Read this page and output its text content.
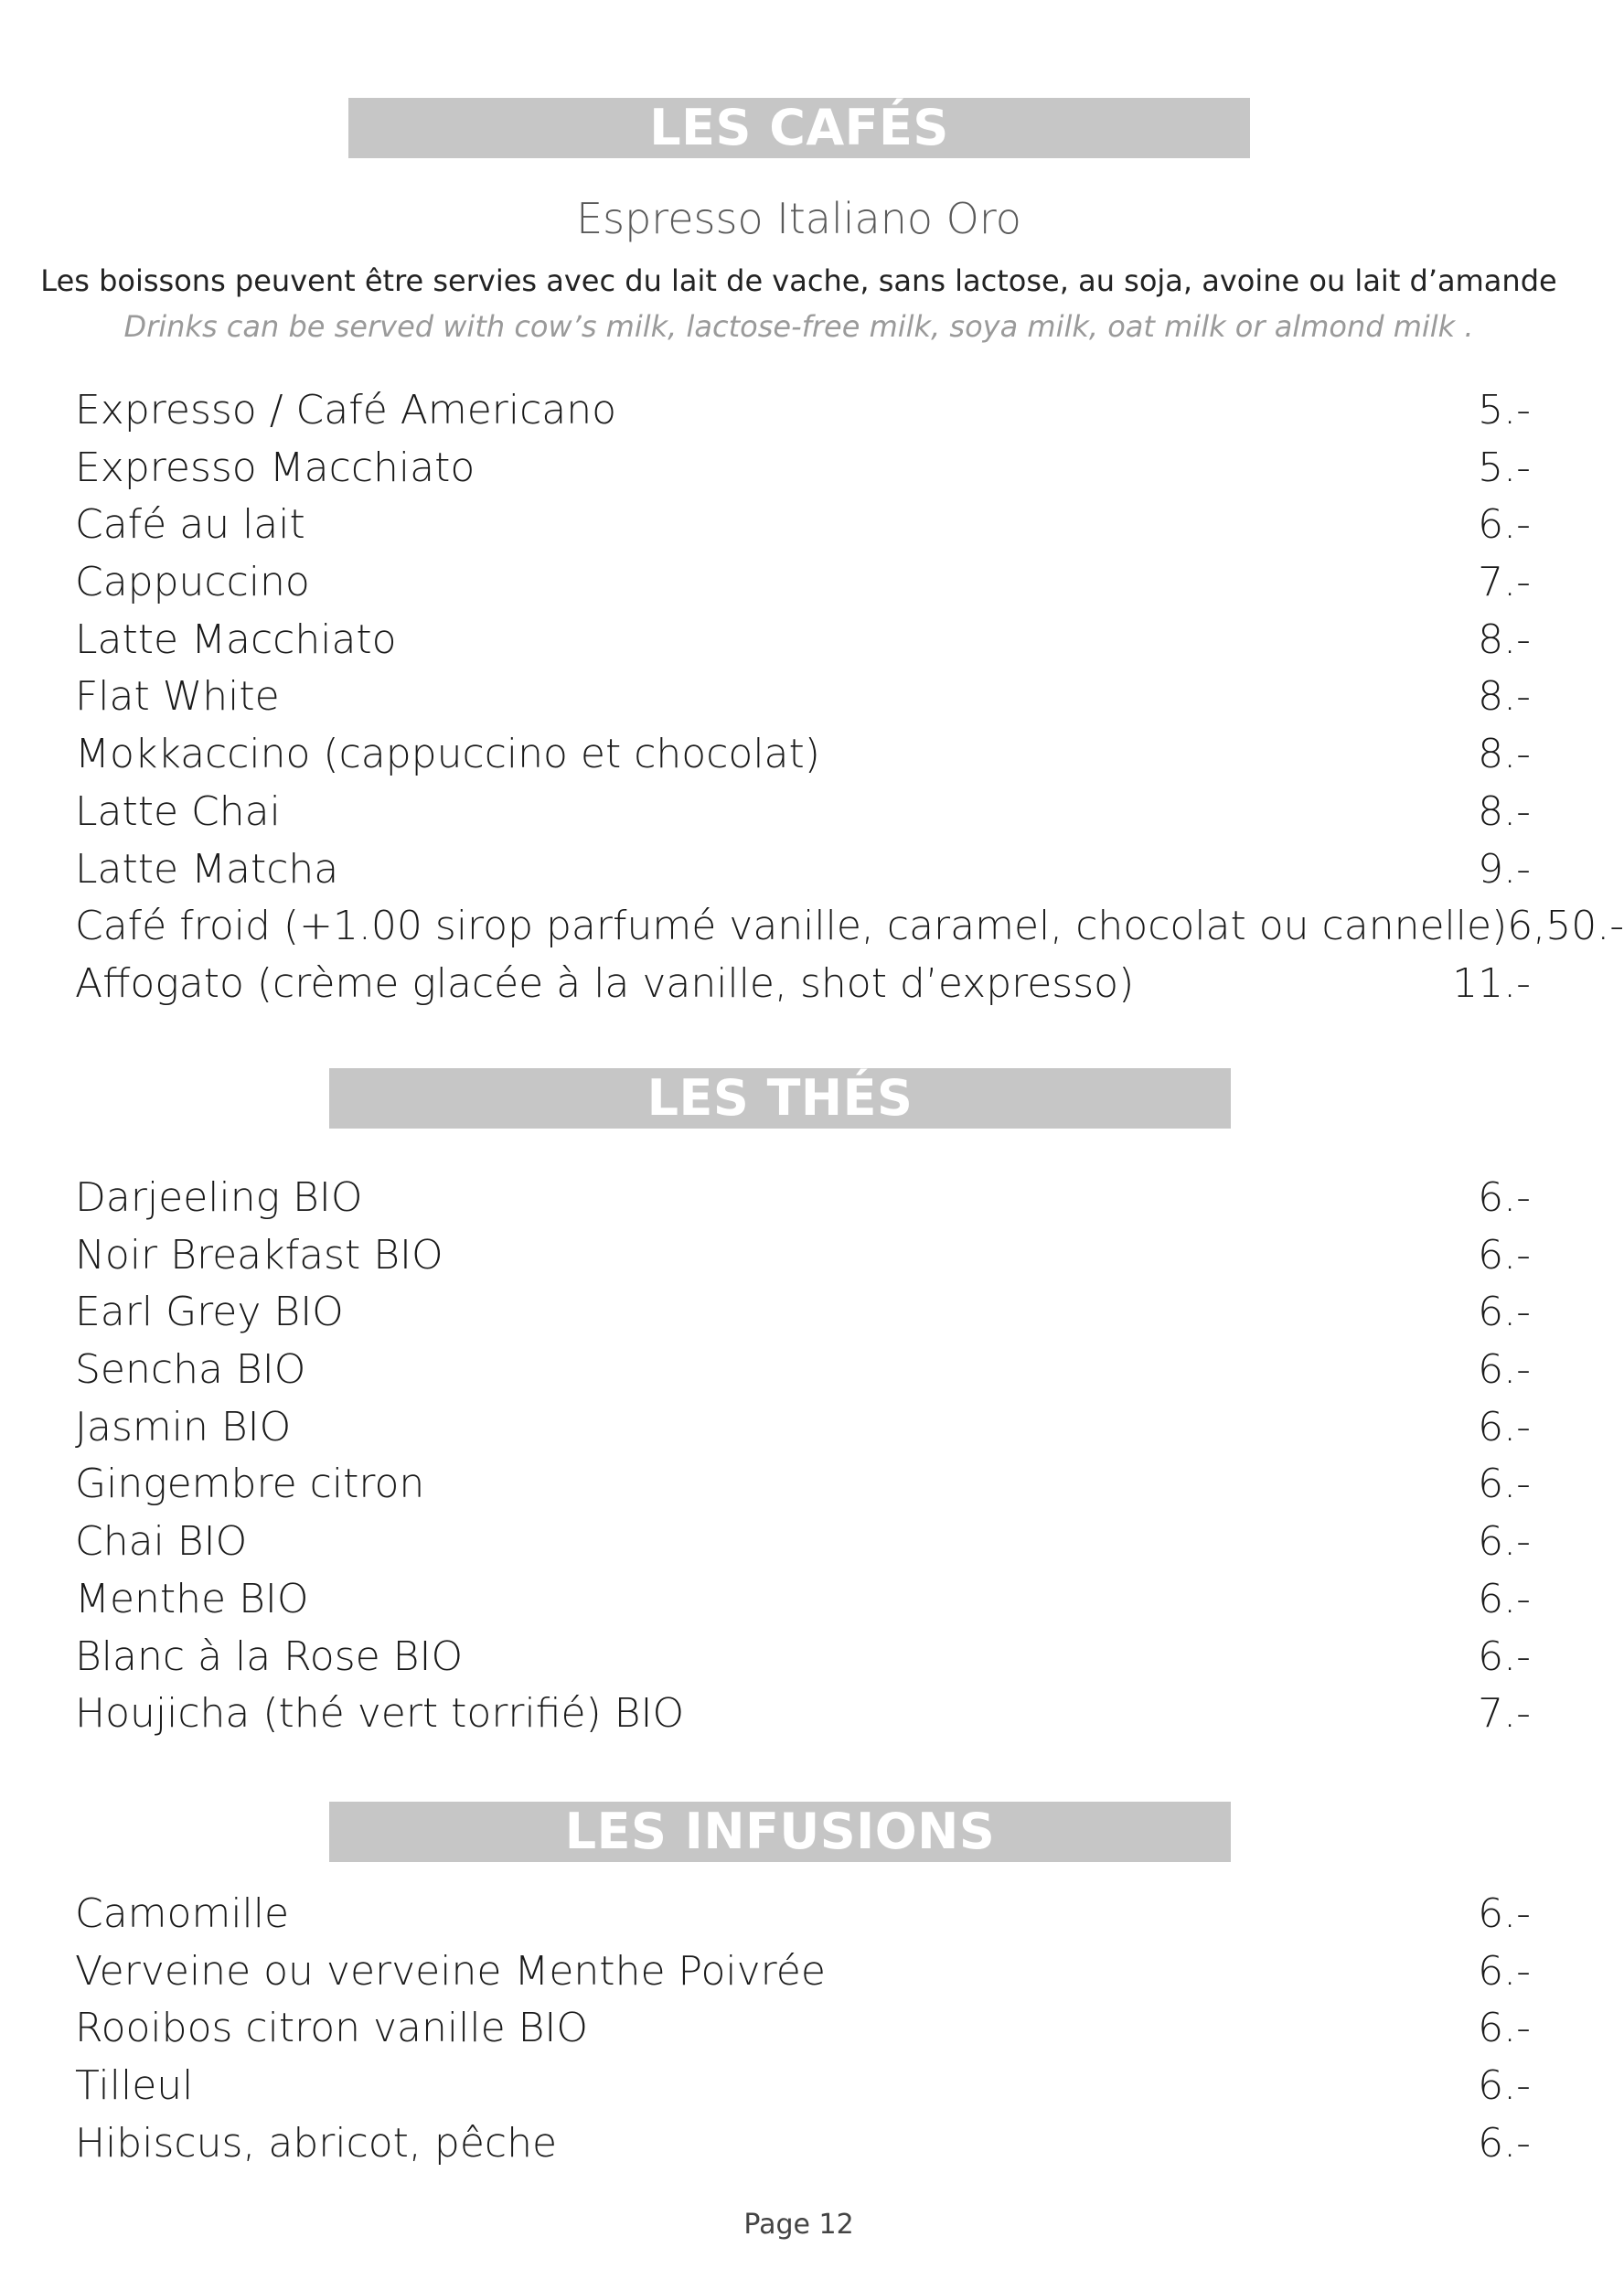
LES CAFÉS
Espresso Italiano Oro
Les boissons peuvent être servies avec du lait de vache, sans lactose, au soja, avoine ou lait d’amande
Drinks can be served with cow’s milk, lactose-free milk, soya milk, oat milk or almond milk .
Expresso / Café Americano	5.-
Expresso Macchiato	5.-
Café au lait	6.-
Cappuccino	7.-
Latte Macchiato	8.-
Flat White	8.-
Mokkaccino (cappuccino et chocolat)	8.-
Latte Chai	8.-
Latte Matcha	9.-
Café froid (+1.00 sirop parfumé vanille, caramel, chocolat ou cannelle) 6,50.-
Affogato (crème glacée à la vanille, shot d’expresso)	11.-
LES THÉS
Darjeeling BIO	6.-
Noir Breakfast BIO	6.-
Earl Grey BIO	6.-
Sencha BIO	6.-
Jasmin BIO	6.-
Gingembre citron	6.-
Chai BIO	6.-
Menthe BIO	6.-
Blanc à la Rose BIO	6.-
Houjicha (thé vert torrifié) BIO	7.-
LES INFUSIONS
Camomille	6.-
Verveine ou verveine Menthe Poivrée	6.-
Rooibos citron vanille BIO	6.-
Tilleul	6.-
Hibiscus, abricot, pêche	6.-
Page 12
